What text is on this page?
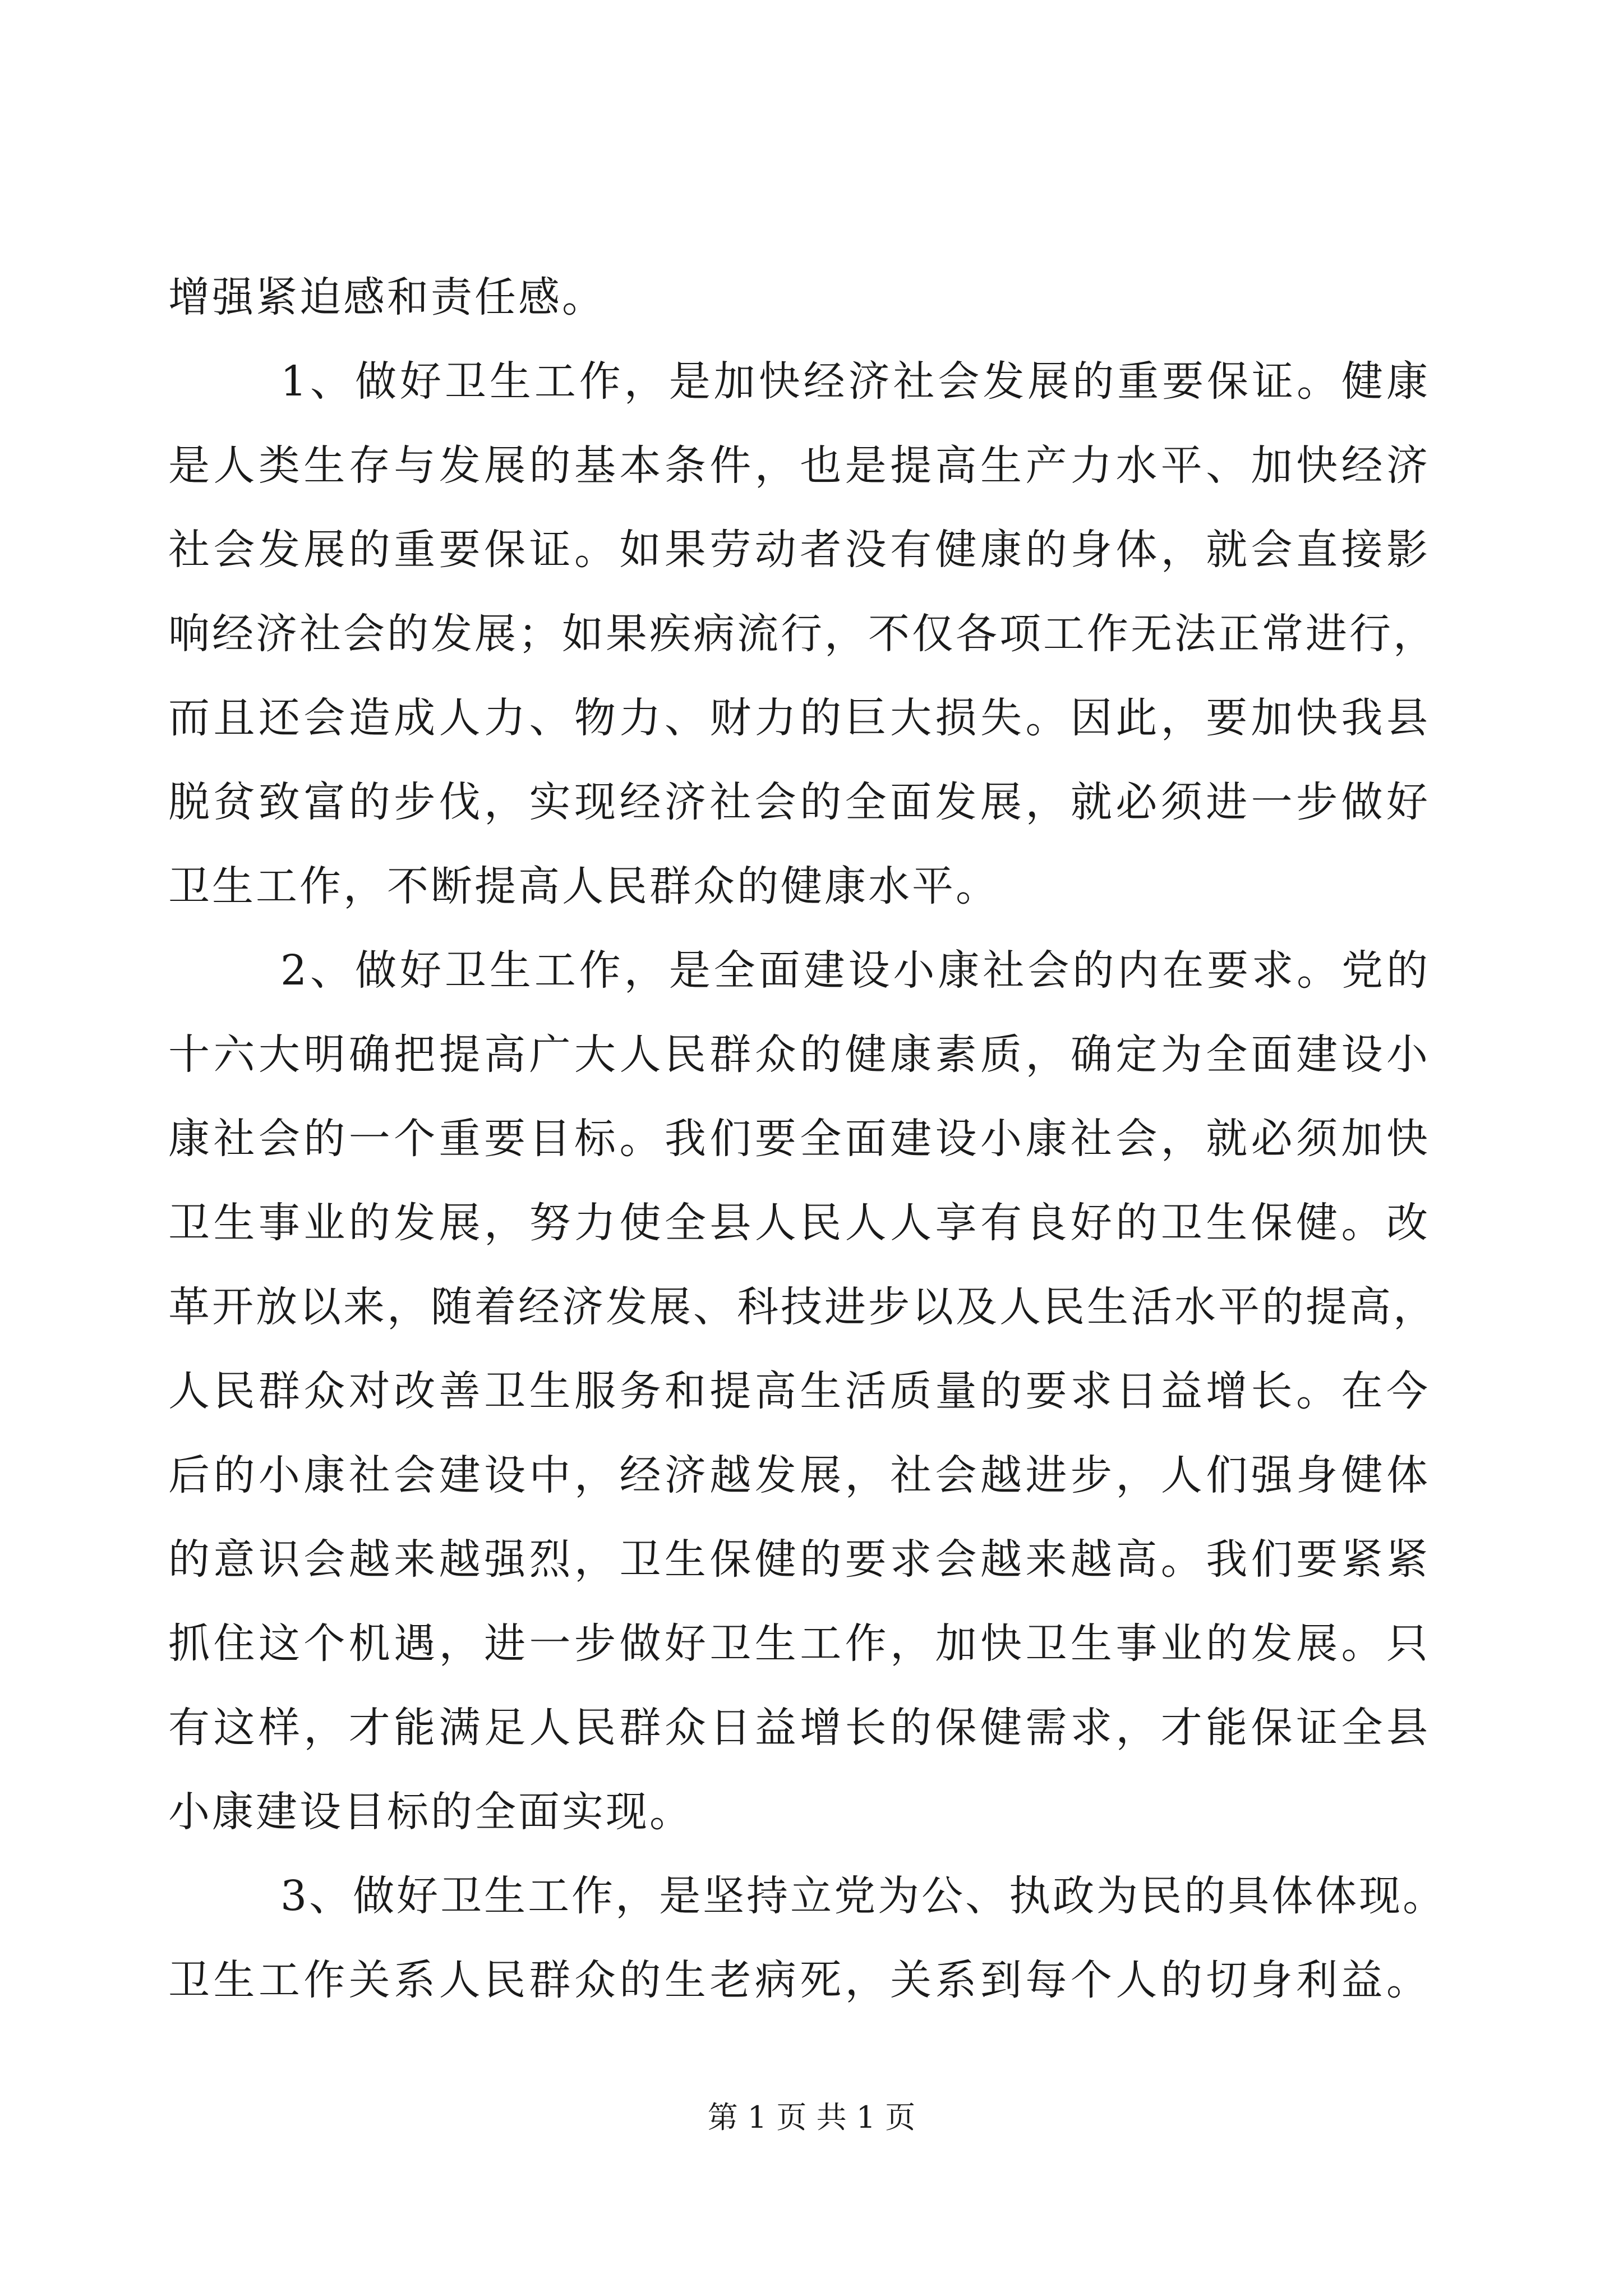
增强紧迫感和责任感。
1、做好卫生工作，是加快经济社会发展的重要保证。健康
是人类生存与发展的基本条件，也是提高生产力水平、加快经济
社会发展的重要保证。如果劳动者没有健康的身体，就会直接影
响经济社会的发展；如果疾病流行，不仅各项工作无法正常进行，
而且还会造成人力、物力、财力的巨大损失。因此，要加快我县
脱贫致富的步伐，实现经济社会的全面发展，就必须进一步做好
卫生工作，不断提高人民群众的健康水平。
2、做好卫生工作，是全面建设小康社会的内在要求。党的
十六大明确把提高广大人民群众的健康素质，确定为全面建设小
康社会的一个重要目标。我们要全面建设小康社会，就必须加快
卫生事业的发展，努力使全县人民人人享有良好的卫生保健。改
革开放以来，随着经济发展、科技进步以及人民生活水平的提高，
人民群众对改善卫生服务和提高生活质量的要求日益增长。在今
后的小康社会建设中，经济越发展，社会越进步，人们强身健体
的意识会越来越强烈，卫生保健的要求会越来越高。我们要紧紧
抓住这个机遇，进一步做好卫生工作，加快卫生事业的发展。只
有这样，才能满足人民群众日益增长的保健需求，才能保证全县
小康建设目标的全面实现。
3、做好卫生工作，是坚持立党为公、执政为民的具体体现。
卫生工作关系人民群众的生老病死，关系到每个人的切身利益。
第 1 页 共 1 页
